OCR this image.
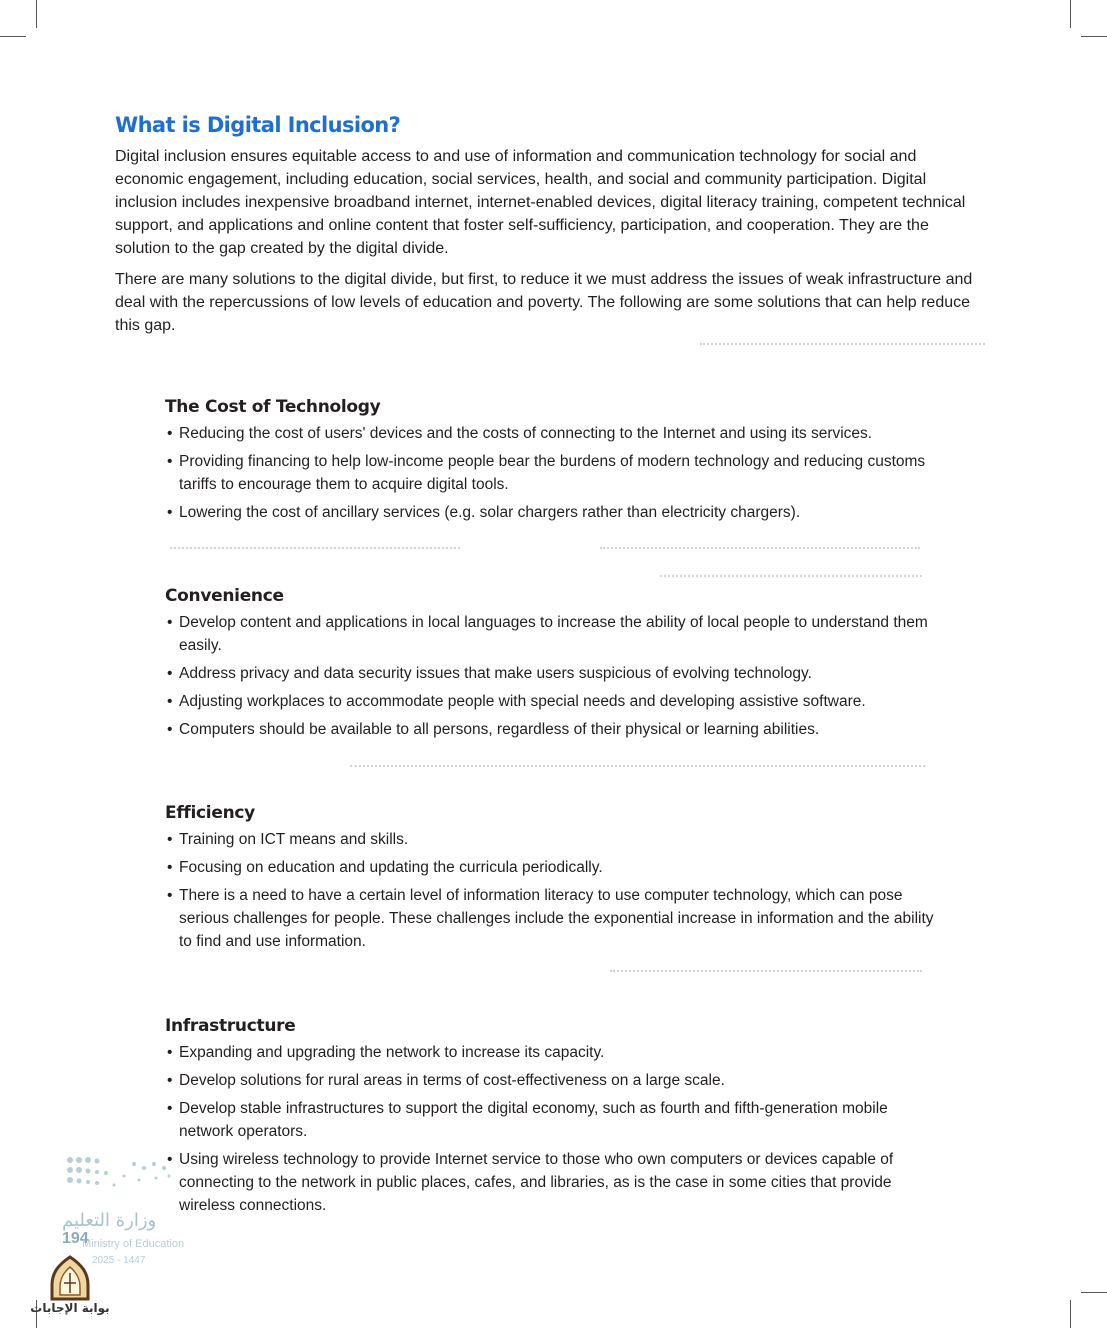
What is Digital Inclusion?

Digital inclusion ensures equitable access to and use of information and communication technology for social and economic engagement, including education, social services, health, and social and community participation. Digital inclusion includes inexpensive broadband internet, internet-enabled devices, digital literacy training, competent technical support, and applications and online content that foster self-sufficiency, participation, and cooperation. They are the solution to the gap created by the digital divide.

There are many solutions to the digital divide, but first, to reduce it we must address the issues of weak infrastructure and deal with the repercussions of low levels of education and poverty. The following are some solutions that can help reduce this gap.

The Cost of Technology
• Reducing the cost of users' devices and the costs of connecting to the Internet and using its services.
• Providing financing to help low-income people bear the burdens of modern technology and reducing customs tariffs to encourage them to acquire digital tools.
• Lowering the cost of ancillary services (e.g. solar chargers rather than electricity chargers).
Convenience
• Develop content and applications in local languages to increase the ability of local people to understand them easily.
• Address privacy and data security issues that make users suspicious of evolving technology.
• Adjusting workplaces to accommodate people with special needs and developing assistive software.
• Computers should be available to all persons, regardless of their physical or learning abilities.
Efficiency
• Training on ICT means and skills.
• Focusing on education and updating the curricula periodically.
• There is a need to have a certain level of information literacy to use computer technology, which can pose serious challenges for people. These challenges include the exponential increase in information and the ability to find and use information.
Infrastructure
• Expanding and upgrading the network to increase its capacity.
• Develop solutions for rural areas in terms of cost-effectiveness on a large scale.
• Develop stable infrastructures to support the digital economy, such as fourth and fifth-generation mobile network operators.
• Using wireless technology to provide Internet service to those who own computers or devices capable of connecting to the network in public places, cafes, and libraries, as is the case in some cities that provide wireless connections.
وزارة التعليم
194
Ministry of Education
2025 - 1447
بوابة الإجابات
